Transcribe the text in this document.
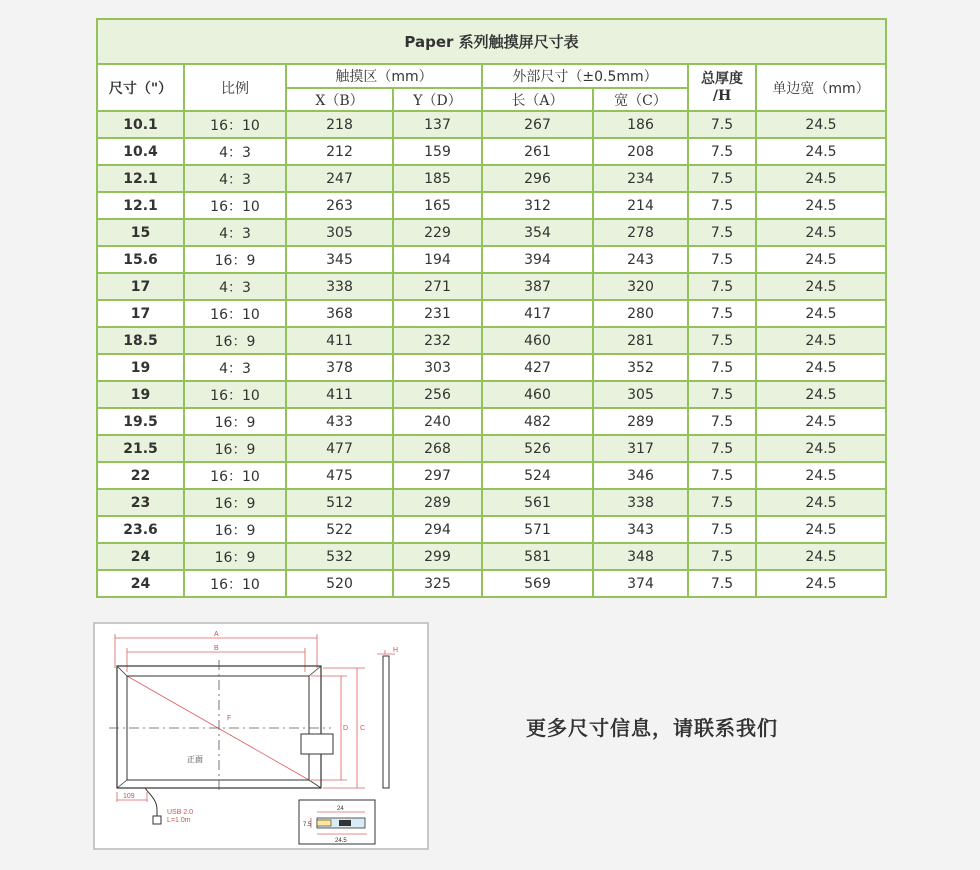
Paper 系列触摸屏尺寸表							
尺寸（"）	比例	触摸区（mm）		外部尺寸（±0.5mm）		总厚度	单边宽（mm）
		X（B）	Y（D）	长（A）	宽（C）	/H	
10.1	16：10	218	137	267	186	7.5	24.5
10.4	4：3	212	159	261	208	7.5	24.5
12.1	4：3	247	185	296	234	7.5	24.5
12.1	16：10	263	165	312	214	7.5	24.5
15	4：3	305	229	354	278	7.5	24.5
15.6	16：9	345	194	394	243	7.5	24.5
17	4：3	338	271	387	320	7.5	24.5
17	16：10	368	231	417	280	7.5	24.5
18.5	16：9	411	232	460	281	7.5	24.5
19	4：3	378	303	427	352	7.5	24.5
19	16：10	411	256	460	305	7.5	24.5
19.5	16：9	433	240	482	289	7.5	24.5
21.5	16：9	477	268	526	317	7.5	24.5
22	16：10	475	297	524	346	7.5	24.5
23	16：9	512	289	561	338	7.5	24.5
23.6	16：9	522	294	571	343	7.5	24.5
24	16：9	532	299	581	348	7.5	24.5
24	16：10	520	325	569	374	7.5	24.5
A
B
C
D
F
H
109
USB 2.0
L=1.0m
24
7.5
24.5
正面
更多尺寸信息，请联系我们
